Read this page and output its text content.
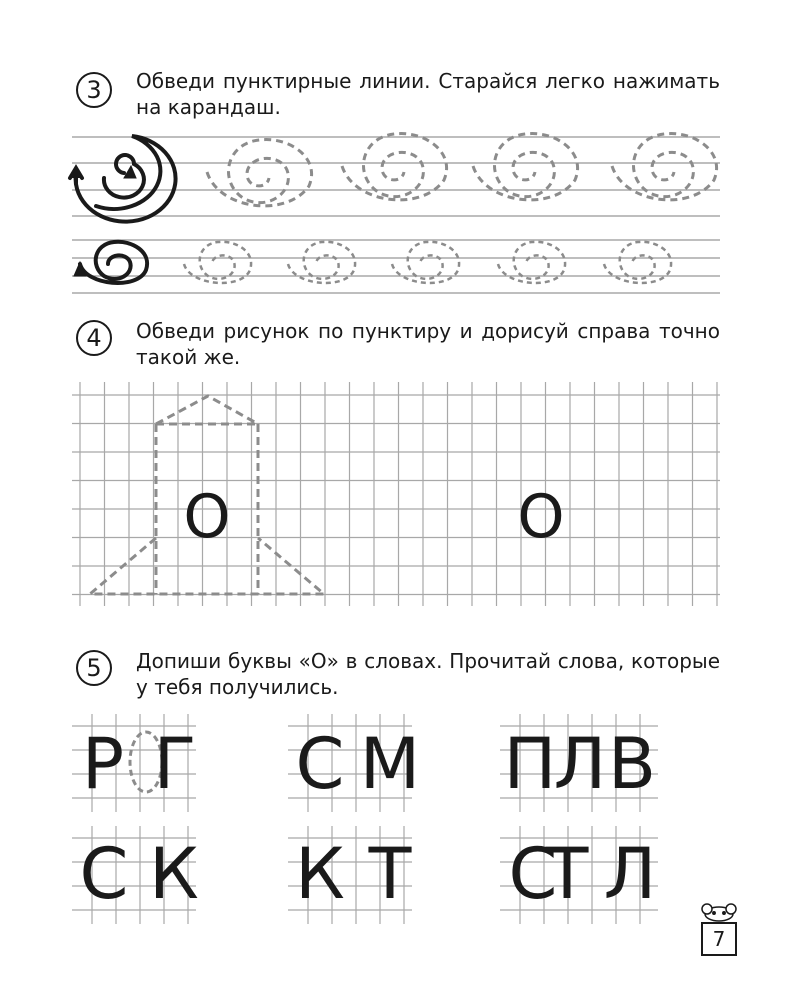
3	Обведи пунктирные линии. Старайся легко нажимать на карандаш.
О	О
Р Г С М П
Л В
С К К Т С
Т Л
4	Обведи рисунок по пунктиру и дорисуй справа точно такой же.
5	Допиши буквы «О» в словах. Прочитай слова, которые у тебя получились.
7
